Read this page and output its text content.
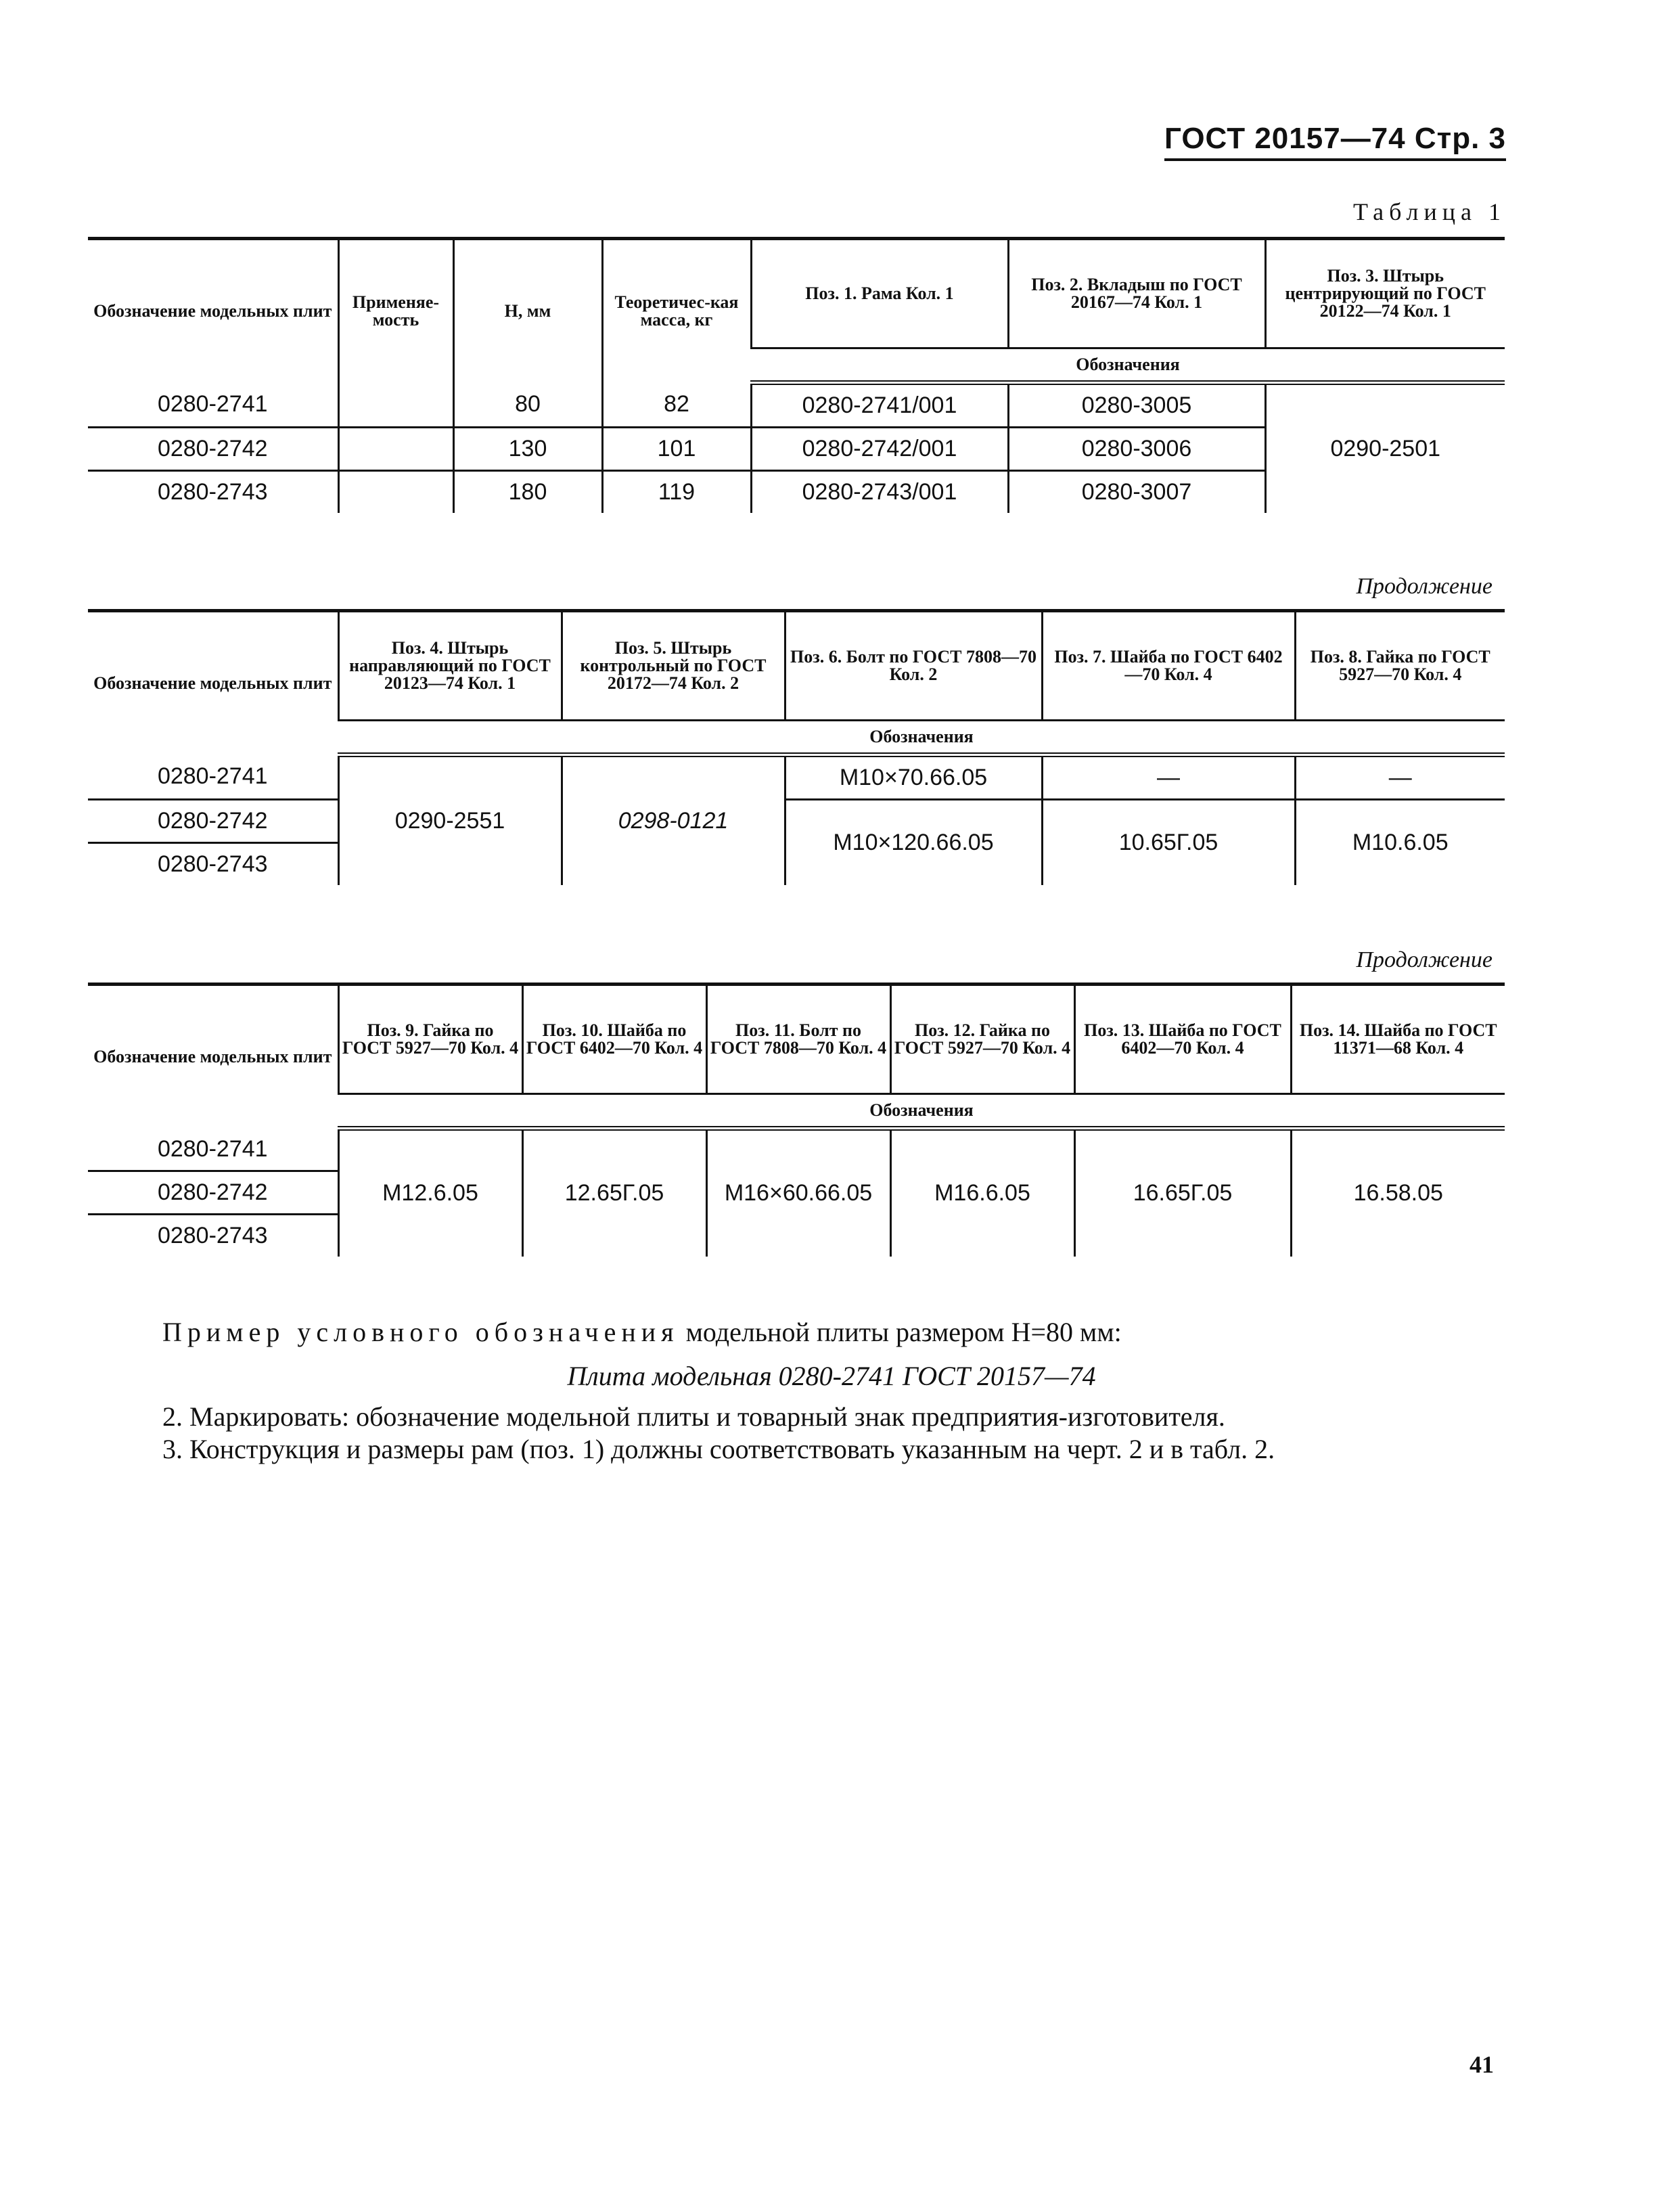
ГОСТ 20157—74 Стр. 3
Таблица 1
Обозначение модельных плит	Применяе-мость	Н, мм	Теоретичес-кая масса, кг	Поз. 1. Рама Кол. 1	Поз. 2. Вкладыш по ГОСТ 20167—74 Кол. 1	Поз. 3. Штырь центрирующий по ГОСТ 20122—74 Кол. 1
				Обозначения		
0280-2741		80	82	0280-2741/001	0280-3005	0290-2501
0280-2742		130	101	0280-2742/001	0280-3006	
0280-2743		180	119	0280-2743/001	0280-3007	
Продолжение
Обозначение модельных плит	Поз. 4. Штырь направляющий по ГОСТ 20123—74 Кол. 1	Поз. 5. Штырь контрольный по ГОСТ 20172—74 Кол. 2	Поз. 6. Болт по ГОСТ 7808—70 Кол. 2	Поз. 7. Шайба по ГОСТ 6402—70 Кол. 4	Поз. 8. Гайка по ГОСТ 5927—70 Кол. 4
	Обозначения				
0280-2741	0290-2551	0298-0121	M10×70.66.05	—	—
0280-2742			M10×120.66.05	10.65Г.05	M10.6.05
0280-2743					
Продолжение
Обозначение модельных плит	Поз. 9. Гайка по ГОСТ 5927—70 Кол. 4	Поз. 10. Шайба по ГОСТ 6402—70 Кол. 4	Поз. 11. Болт по ГОСТ 7808—70 Кол. 4	Поз. 12. Гайка по ГОСТ 5927—70 Кол. 4	Поз. 13. Шайба по ГОСТ 6402—70 Кол. 4	Поз. 14. Шайба по ГОСТ 11371—68 Кол. 4
	Обозначения					
0280-2741	M12.6.05	12.65Г.05	M16×60.66.05	M16.6.05	16.65Г.05	16.58.05
0280-2742						
0280-2743						
Пример условного обозначения модельной плиты размером H=80 мм:
Плита модельная 0280-2741 ГОСТ 20157—74
2. Маркировать: обозначение модельной плиты и товарный знак предприятия-изготовителя.
3. Конструкция и размеры рам (поз. 1) должны соответствовать указанным на черт. 2 и в табл. 2.
41
